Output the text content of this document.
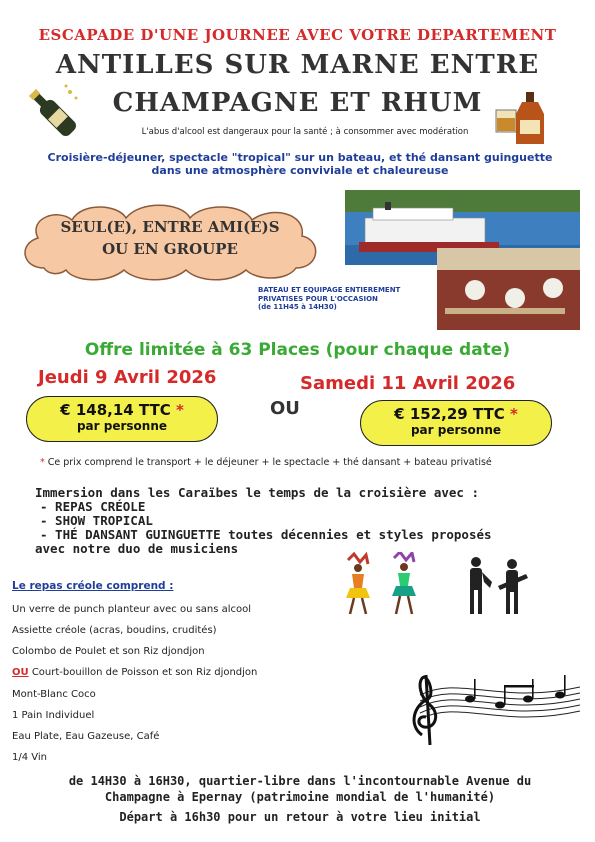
ESCAPADE D'UNE JOURNEE AVEC VOTRE DEPARTEMENT
ANTILLES SUR MARNE ENTRE
CHAMPAGNE ET RHUM
L'abus d'alcool est dangeraux pour la santé ; à consommer avec modération
Croisière-déjeuner, spectacle "tropical" sur un bateau, et thé dansant guinguette
dans une atmosphère conviviale et chaleureuse
SEUL(E), ENTRE AMI(E)S
OU EN GROUPE
BATEAU ET EQUIPAGE ENTIEREMENT
PRIVATISES POUR L'OCCASION
(de 11H45 à 14H30)
Offre limitée à 63 Places (pour chaque date)
Jeudi 9 Avril 2026	Samedi 11 Avril 2026
€ 148,14 TTC *
par personne
OU	€ 152,29 TTC *
par personne
* Ce prix comprend le transport + le déjeuner + le spectacle + thé dansant + bateau privatisé
Immersion dans les Caraïbes le temps de la croisière avec :
- REPAS CRÉOLE
- SHOW TROPICAL
- THÉ DANSANT GUINGUETTE toutes décennies et styles proposés
avec notre duo de musiciens
Le repas créole comprend :
Un verre de punch planteur avec ou sans alcool
Assiette créole (acras, boudins, crudités)
Colombo de Poulet et son Riz djondjon
OU Court-bouillon de Poisson et son Riz djondjon
Mont-Blanc Coco
1 Pain Individuel
Eau Plate, Eau Gazeuse, Café
1/4 Vin
de 14H30 à 16H30, quartier-libre dans l'incontournable Avenue du
Champagne à Epernay (patrimoine mondial de l'humanité)
Départ à 16h30 pour un retour à votre lieu initial
